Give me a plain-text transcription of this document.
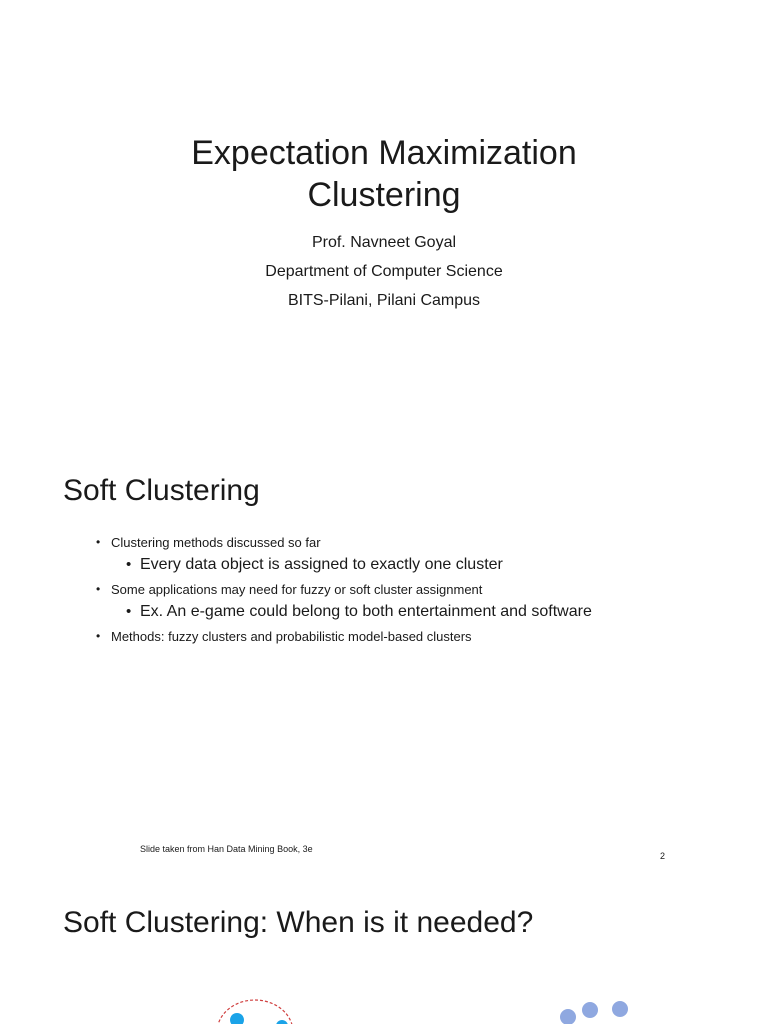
Expectation Maximization
Clustering
Prof. Navneet Goyal
Department of Computer Science
BITS-Pilani, Pilani Campus
Soft Clustering
• Clustering methods discussed so far
• Every data object is assigned to exactly one cluster
• Some applications may need for fuzzy or soft cluster assignment
• Ex. An e-game could belong to both entertainment and software
• Methods: fuzzy clusters and probabilistic model-based clusters
Slide taken from Han Data Mining Book, 3e
2
Soft Clustering: When is it needed?
